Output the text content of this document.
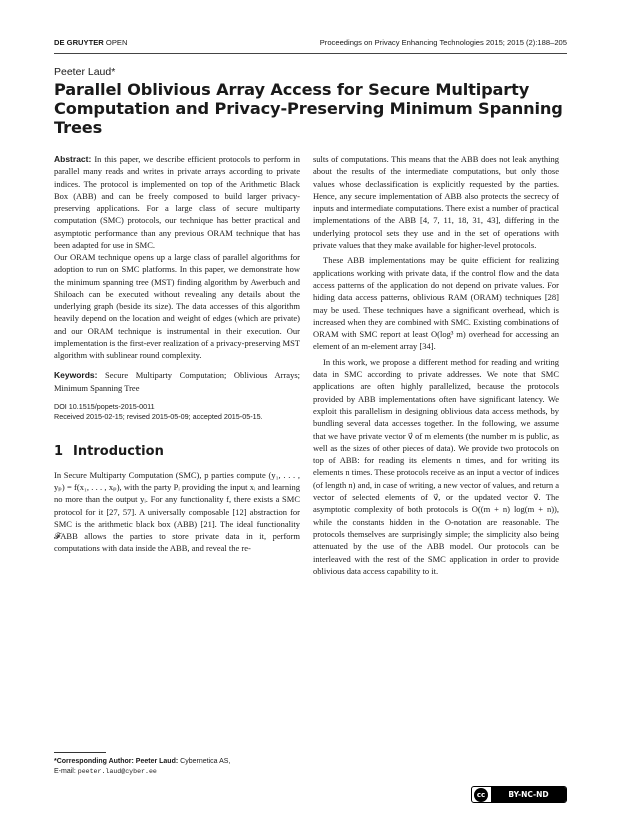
DE GRUYTER OPEN	Proceedings on Privacy Enhancing Technologies 2015; 2015 (2):188–205
Peeter Laud*
Parallel Oblivious Array Access for Secure Multiparty Computation and Privacy-Preserving Minimum Spanning Trees

Abstract: In this paper, we describe efficient protocols to perform in parallel many reads and writes in private arrays according to private indices. The protocol is implemented on top of the Arithmetic Black Box (ABB) and can be freely composed to build larger privacy-preserving applications. For a large class of secure multiparty computation (SMC) protocols, our technique has better practical and asymptotic performance than any previous ORAM technique that has been adapted for use in SMC.

Our ORAM technique opens up a large class of parallel algorithms for adoption to run on SMC platforms. In this paper, we demonstrate how the minimum spanning tree (MST) finding algorithm by Awerbuch and Shiloach can be executed without revealing any details about the underlying graph (beside its size). The data accesses of this algorithm heavily depend on the location and weight of edges (which are private) and our ORAM technique is instrumental in their execution. Our implementation is the first-ever realization of a privacy-preserving MST algorithm with sublinear round complexity.

Keywords: Secure Multiparty Computation; Oblivious Arrays; Minimum Spanning Tree

DOI 10.1515/popets-2015-0011

Received 2015-02-15; revised 2015-05-09; accepted 2015-05-15.

1 Introduction

In Secure Multiparty Computation (SMC), p parties compute (y₁, . . . , yₚ) = f(x₁, . . . , xₚ), with the party Pᵢ providing the input xᵢ and learning no more than the output yᵢ. For any functionality f, there exists a SMC protocol for it [27, 57]. A universally composable [12] abstraction for SMC is the arithmetic black box (ABB) [21]. The ideal functionality 𝓕ABB allows the parties to store private data in it, perform computations with data inside the ABB, and reveal the re-

sults of computations. This means that the ABB does not leak anything about the results of the intermediate computations, but only those values whose declassification is explicitly requested by the parties. Hence, any secure implementation of ABB also protects the secrecy of inputs and intermediate computations. There exist a number of practical implementations of the ABB [4, 7, 11, 18, 31, 43], differing in the underlying protocol sets they use and in the set of operations with private values that they make available for higher-level protocols.

These ABB implementations may be quite efficient for realizing applications working with private data, if the control flow and the data access patterns of the application do not depend on private values. For hiding data access patterns, oblivious RAM (ORAM) techniques [28] may be used. These techniques have a significant overhead, which is increased when they are combined with SMC. Existing combinations of ORAM with SMC report at least O(log³ m) overhead for accessing an element of an m-element array [34].

In this work, we propose a different method for reading and writing data in SMC according to private addresses. We note that SMC applications are often highly parallelized, because the protocols provided by ABB implementations often have significant latency. We exploit this parallelism in designing oblivious data access methods, by bundling several data accesses together. In the following, we assume that we have private vector v⃗ of m elements (the number m is public, as well as the sizes of other pieces of data). We provide two protocols on top of ABB: for reading its elements n times, and for writing its elements n times. These protocols receive as an input a vector of indices (of length n) and, in case of writing, a new vector of values, and return a vector of selected elements of v⃗, or the updated vector v⃗. The asymptotic complexity of both protocols is O((m + n) log(m + n)), while the constants hidden in the O-notation are reasonable. The protocols themselves are surprisingly simple; the simplicity also being attenuated by the use of the ABB model. Our protocols can be interleaved with the rest of the SMC application in order to provide oblivious data access capability to it.

*Corresponding Author: Peeter Laud: Cybernetica AS,
E-mail: peeter.laud@cyber.ee
cc	BY-NC-ND
